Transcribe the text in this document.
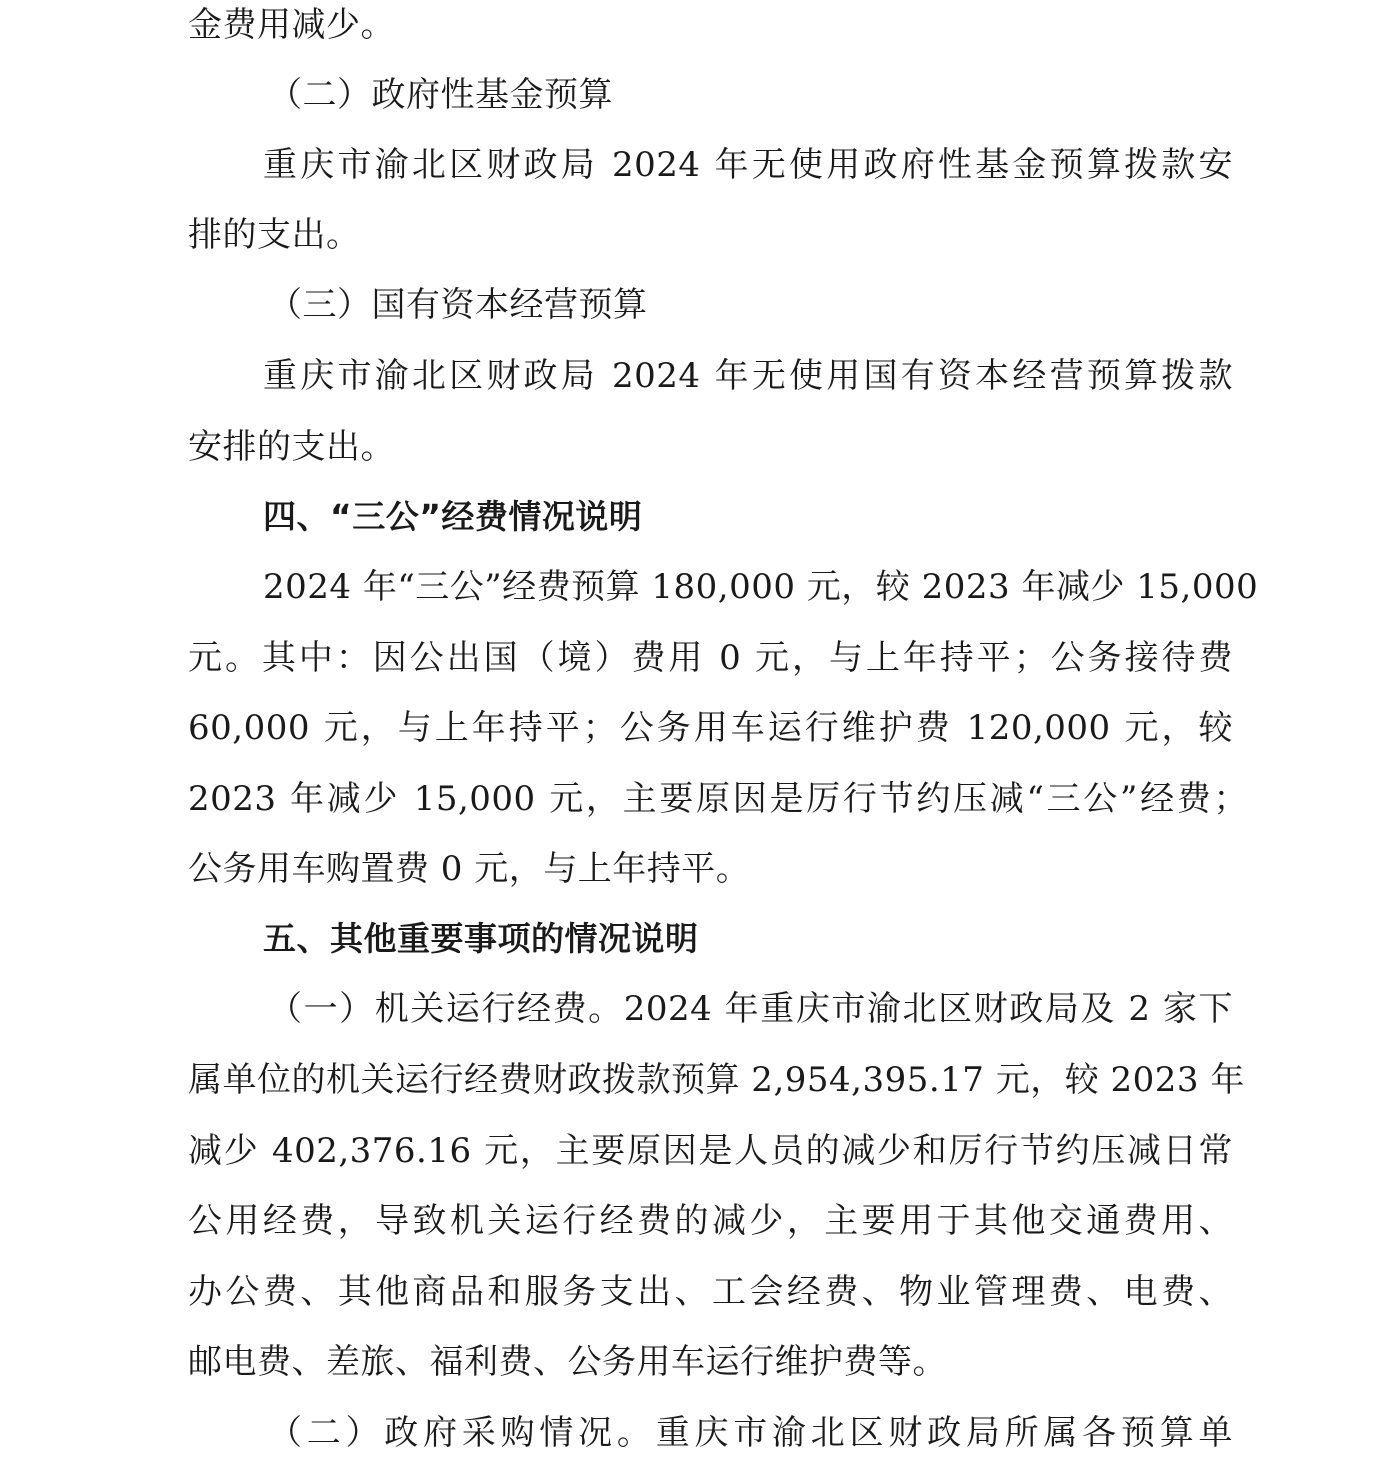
金费用减少。
（二）政府性基金预算
重庆市渝北区财政局 2024 年无使用政府性基金预算拨款安
排的支出。
（三）国有资本经营预算
重庆市渝北区财政局 2024 年无使用国有资本经营预算拨款
安排的支出。
四、“三公”经费情况说明
2024 年“三公”经费预算 180,000 元，较 2023 年减少 15,000
元。其中：因公出国（境）费用 0 元，与上年持平；公务接待费
60,000 元，与上年持平；公务用车运行维护费 120,000 元，较
2023 年减少 15,000 元，主要原因是厉行节约压减“三公”经费；
公务用车购置费 0 元，与上年持平。
五、其他重要事项的情况说明
（一）机关运行经费。2024 年重庆市渝北区财政局及 2 家下
属单位的机关运行经费财政拨款预算 2,954,395.17 元，较 2023 年
减少 402,376.16 元，主要原因是人员的减少和厉行节约压减日常
公用经费，导致机关运行经费的减少，主要用于其他交通费用、
办公费、其他商品和服务支出、工会经费、物业管理费、电费、
邮电费、差旅、福利费、公务用车运行维护费等。
（二）政府采购情况。重庆市渝北区财政局所属各预算单
